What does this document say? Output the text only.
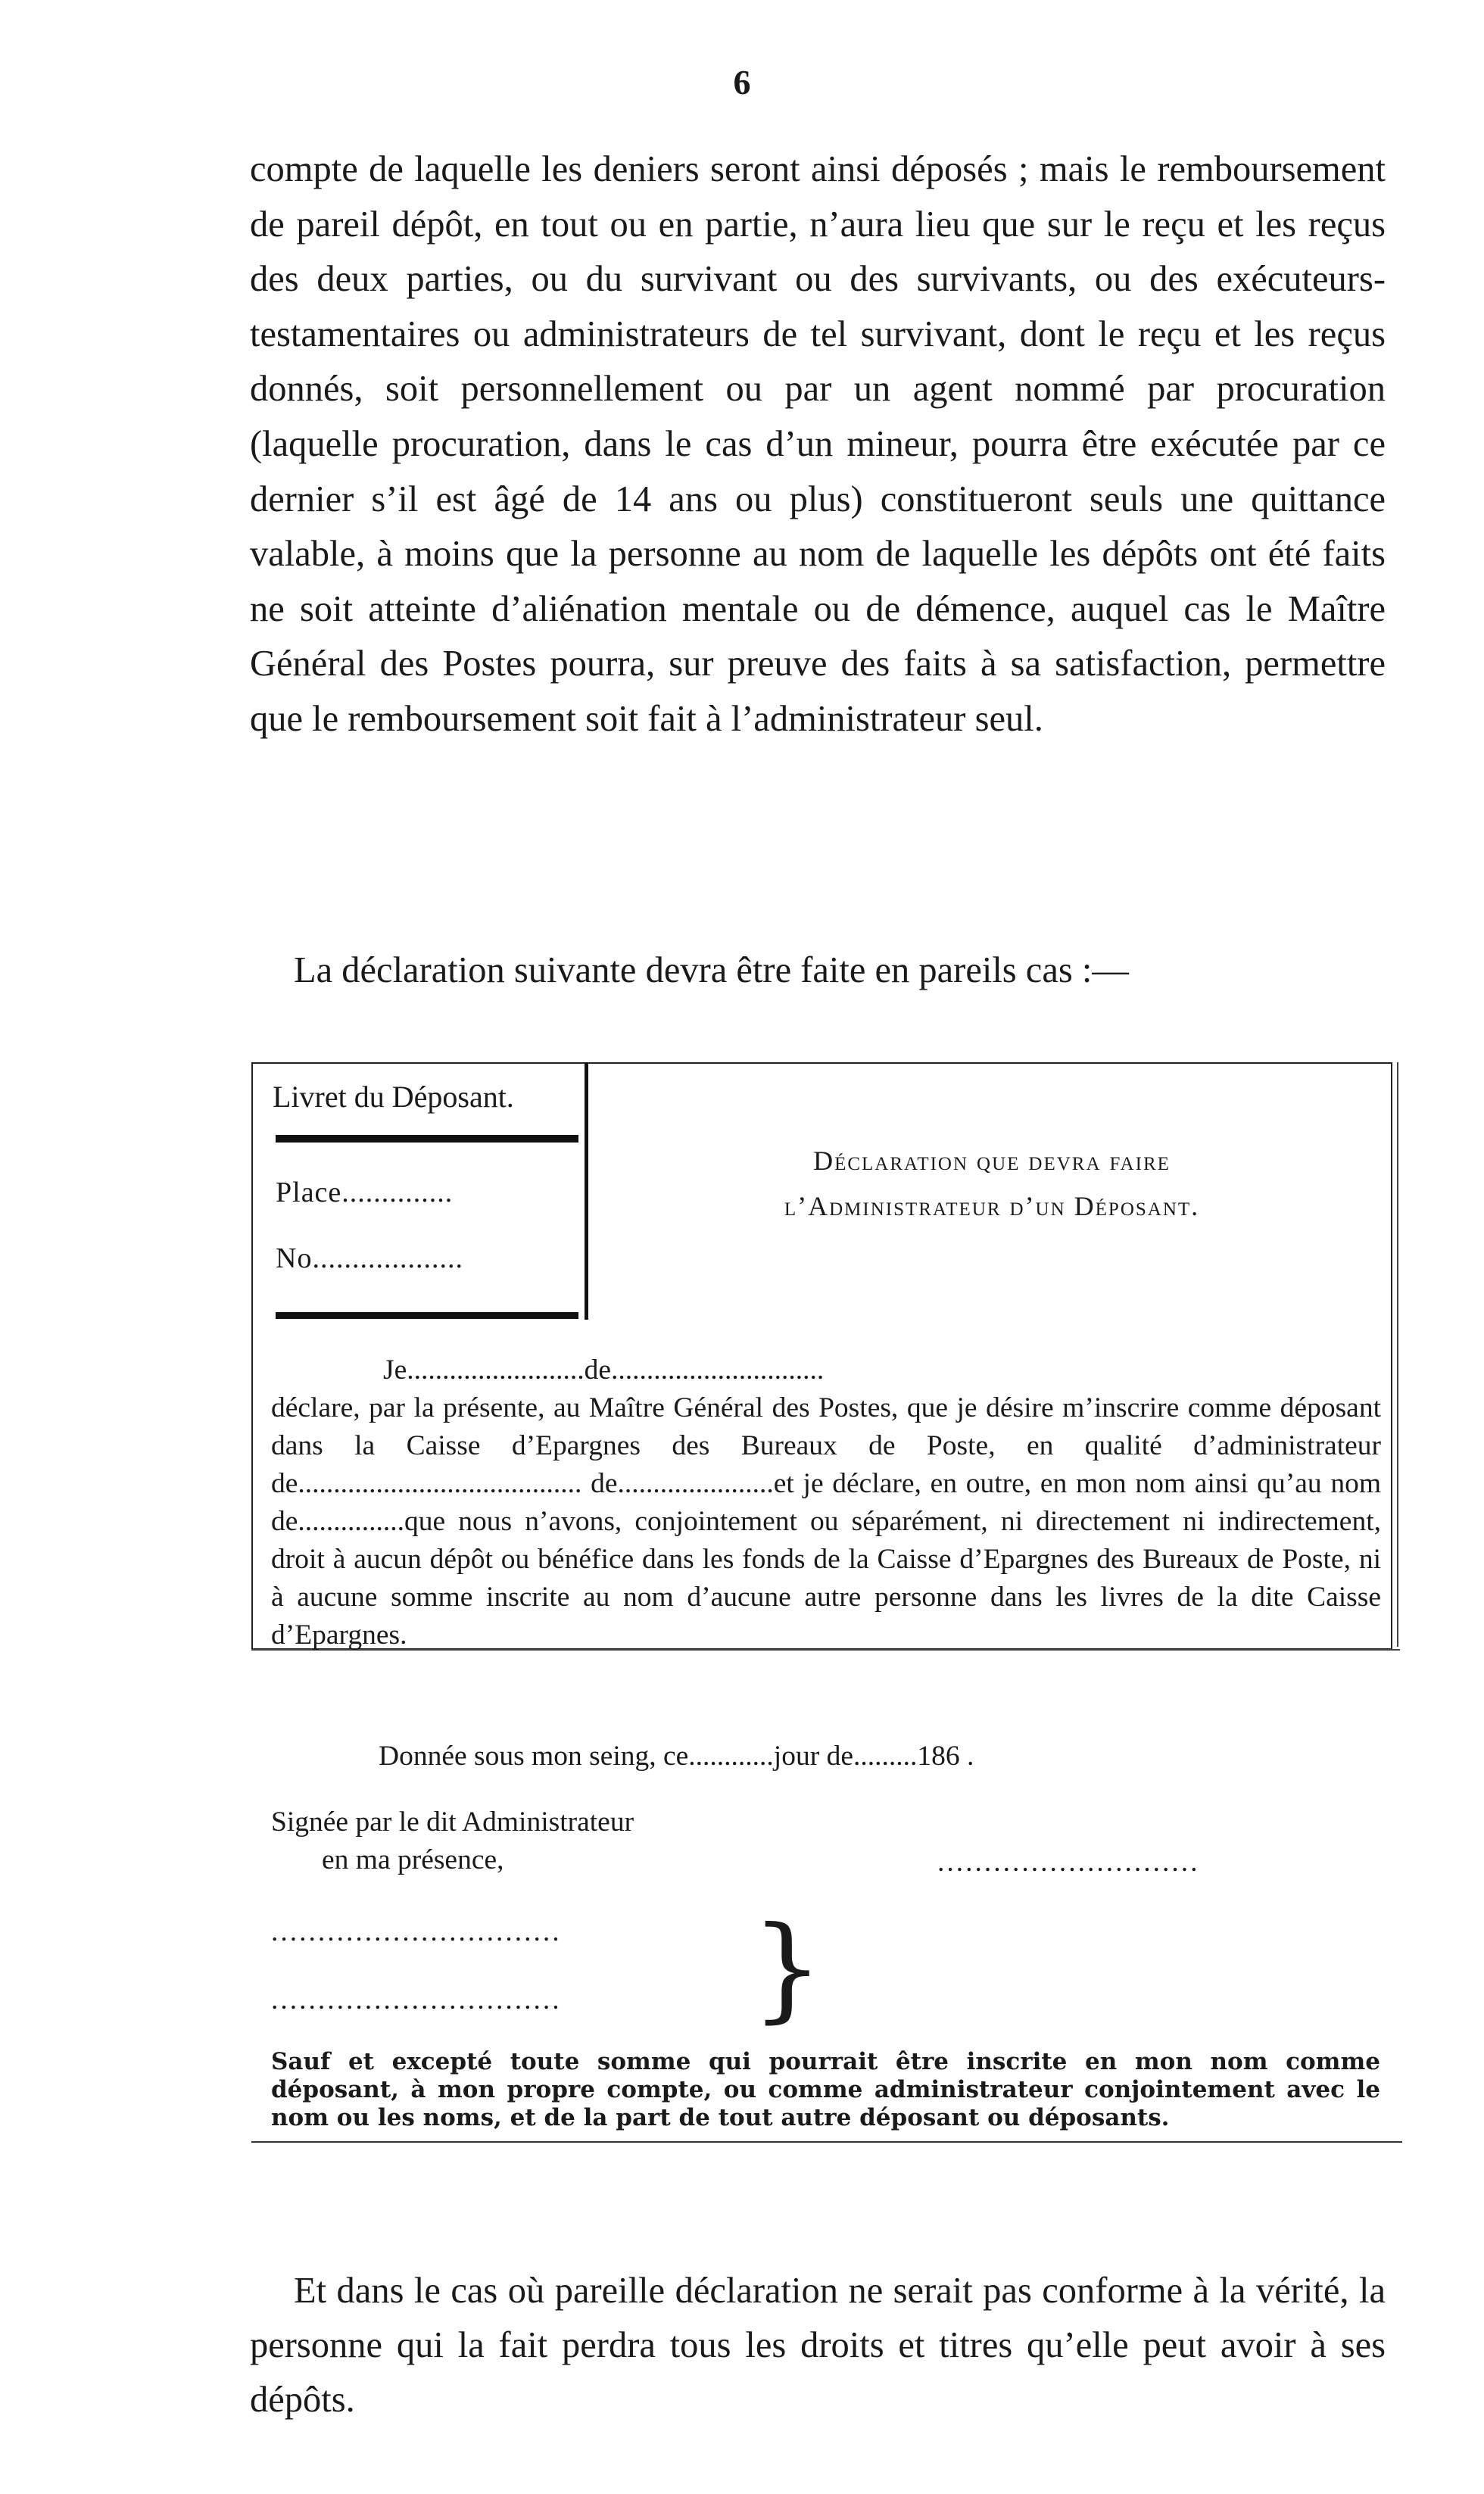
6

compte de laquelle les deniers seront ainsi déposés ; mais le remboursement de pareil dépôt, en tout ou en partie, n’aura lieu que sur le reçu et les reçus des deux parties, ou du survivant ou des survivants, ou des exécuteurs-testamentaires ou administrateurs de tel survivant, dont le reçu et les reçus donnés, soit personnellement ou par un agent nommé par procuration (laquelle procuration, dans le cas d’un mineur, pourra être exécutée par ce dernier s’il est âgé de 14 ans ou plus) constitueront seuls une quittance valable, à moins que la personne au nom de laquelle les dépôts ont été faits ne soit atteinte d’aliénation mentale ou de démence, auquel cas le Maître Général des Postes pourra, sur preuve des faits à sa satisfaction, permettre que le remboursement soit fait à l’administrateur seul.

La déclaration suivante devra être faite en pareils cas :—

Livret du Déposant.
Place..............
No...................
Déclaration que devra faire
l’Administrateur d’un Déposant.
Je.........................de..............................
déclare, par la présente, au Maître Général des Postes, que je désire m’inscrire comme déposant dans la Caisse d’Epargnes des Bureaux de Poste, en qualité d’administrateur de........................................ de......................et je déclare, en outre, en mon nom ainsi qu’au nom de...............que nous n’avons, conjointement ou séparément, ni directement ni indirectement, droit à aucun dépôt ou bénéfice dans les fonds de la Caisse d’Epargnes des Bureaux de Poste, ni à aucune somme inscrite au nom d’aucune autre personne dans les livres de la dite Caisse d’Epargnes.
Donnée sous mon seing, ce............jour de.........186 .
Signée par le dit Administrateur
en ma présence,	............................
...............................
............................... }

Sauf et excepté toute somme qui pourrait être inscrite en mon nom comme déposant, à mon propre compte, ou comme administrateur conjointement avec le nom ou les noms, et de la part de tout autre déposant ou déposants.

Et dans le cas où pareille déclaration ne serait pas conforme à la vérité, la personne qui la fait perdra tous les droits et titres qu’elle peut avoir à ses dépôts.
